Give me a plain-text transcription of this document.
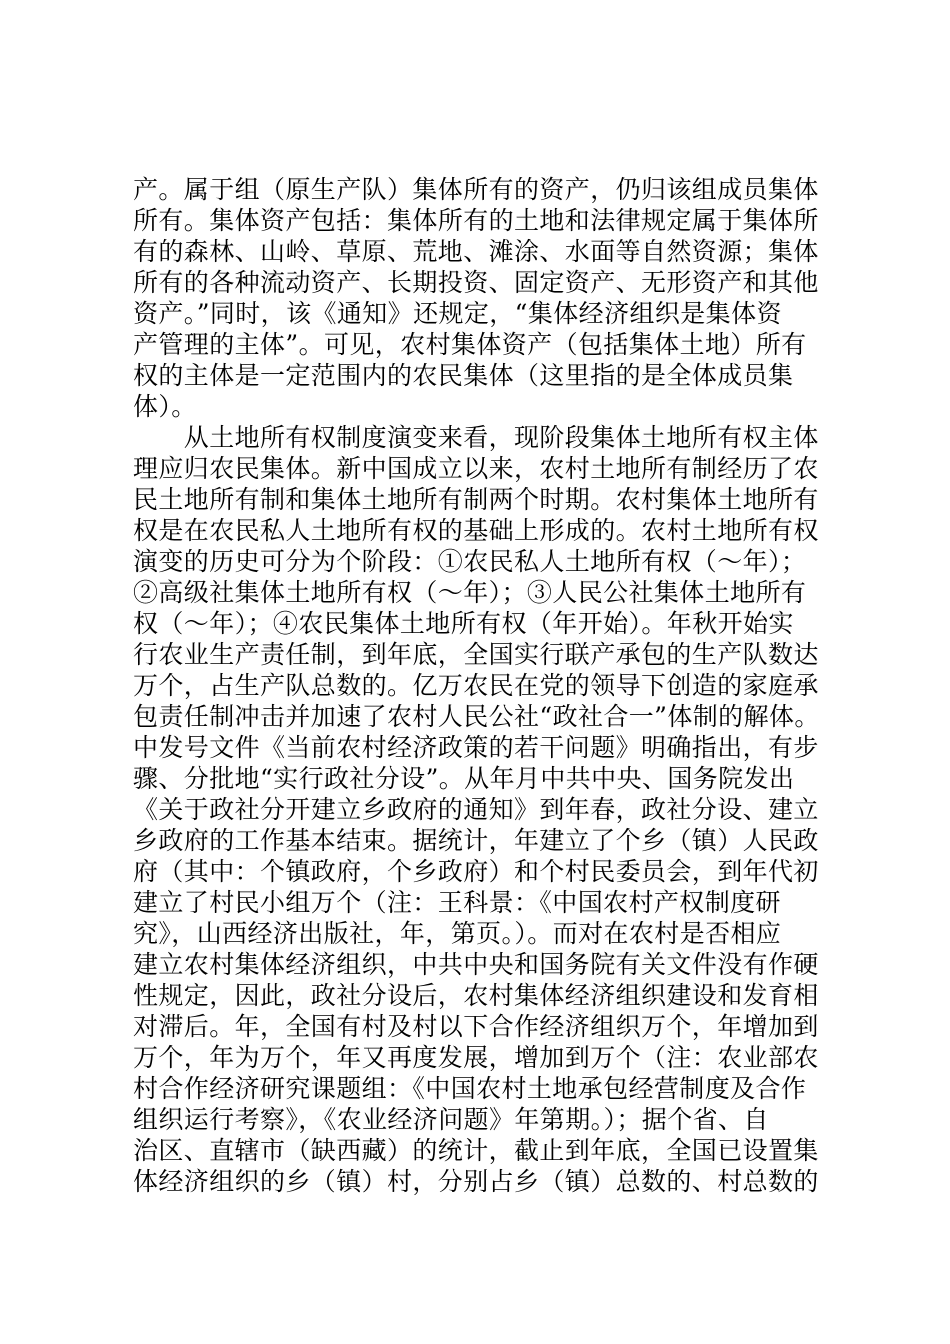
产。属于组（原生产队）集体所有的资产，仍归该组成员集体
所有。集体资产包括：集体所有的土地和法律规定属于集体所
有的森林、山岭、草原、荒地、滩涂、水面等自然资源；集体
所有的各种流动资产、长期投资、固定资产、无形资产和其他
资产。”同时，该《通知》还规定，“集体经济组织是集体资
产管理的主体”。可见，农村集体资产（包括集体土地）所有
权的主体是一定范围内的农民集体（这里指的是全体成员集
体）。
　　从土地所有权制度演变来看，现阶段集体土地所有权主体
理应归农民集体。新中国成立以来，农村土地所有制经历了农
民土地所有制和集体土地所有制两个时期。农村集体土地所有
权是在农民私人土地所有权的基础上形成的。农村土地所有权
演变的历史可分为个阶段：①农民私人土地所有权（～年）；
②高级社集体土地所有权（～年）；③人民公社集体土地所有
权（～年）；④农民集体土地所有权（年开始）。年秋开始实
行农业生产责任制，到年底，全国实行联产承包的生产队数达
万个，占生产队总数的。亿万农民在党的领导下创造的家庭承
包责任制冲击并加速了农村人民公社“政社合一”体制的解体。
中发号文件《当前农村经济政策的若干问题》明确指出，有步
骤、分批地“实行政社分设”。从年月中共中央、国务院发出
《关于政社分开建立乡政府的通知》到年春，政社分设、建立
乡政府的工作基本结束。据统计，年建立了个乡（镇）人民政
府（其中：个镇政府，个乡政府）和个村民委员会，到年代初
建立了村民小组万个（注：王科景：《中国农村产权制度研
究》，山西经济出版社，年，第页。）。而对在农村是否相应
建立农村集体经济组织，中共中央和国务院有关文件没有作硬
性规定，因此，政社分设后，农村集体经济组织建设和发育相
对滞后。年，全国有村及村以下合作经济组织万个，年增加到
万个，年为万个，年又再度发展，增加到万个（注：农业部农
村合作经济研究课题组：《中国农村土地承包经营制度及合作
组织运行考察》，《农业经济问题》年第期。）；据个省、自
治区、直辖市（缺西藏）的统计，截止到年底，全国已设置集
体经济组织的乡（镇）村，分别占乡（镇）总数的、村总数的
